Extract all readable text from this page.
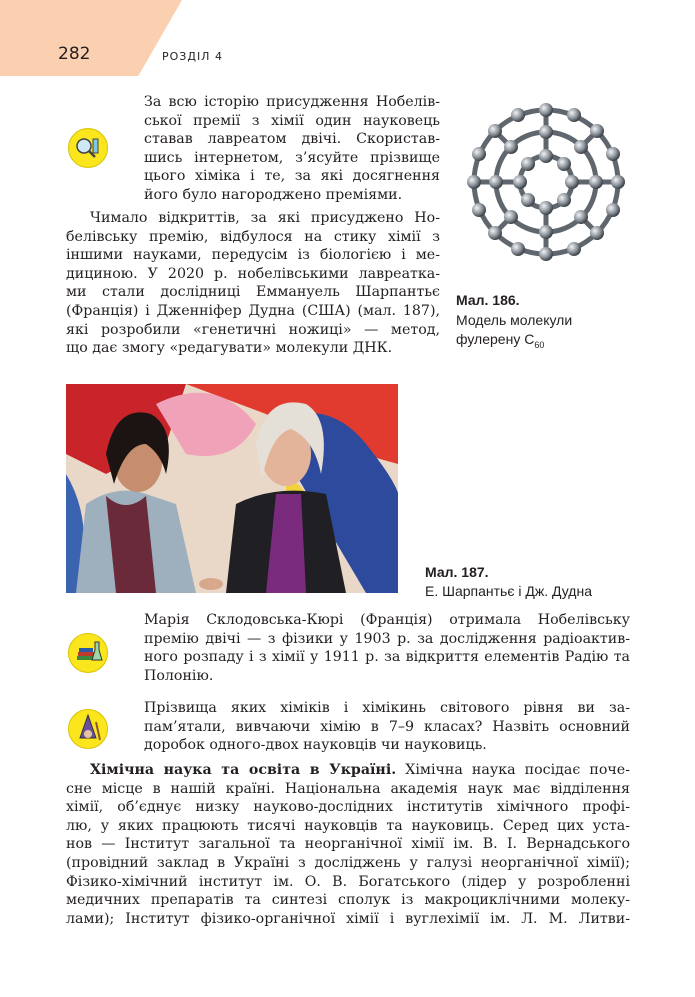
282	РОЗДІЛ 4
За всю історію присудження Нобелів-
ської премії з хімії один науковець
ставав лавреатом двічі. Скористав-
шись інтернетом, з’ясуйте прізвище
цього хіміка і те, за які досягнення
його було нагороджено преміями.
Чимало відкриттів, за які присуджено Но-
белівську премію, відбулося на стику хімії з
іншими науками, передусім із біологією і ме-
дициною. У 2020 р. нобелівськими лавреатка-
ми стали дослідниці Еммануель Шарпантьє
(Франція) і Дженніфер Дудна (США) (мал. 187),
які розробили «генетичні ножиці» — метод,
що дає змогу «редагувати» молекули ДНК.
Мал. 186.
Модель молекули
фулерену $C_{60}$
Мал. 187.
Е. Шарпантьє і Дж. Дудна
Марія Склодовська-Кюрі (Франція) отримала Нобелівську
премію двічі — з фізики у 1903 р. за дослідження радіоактив-
ного розпаду і з хімії у 1911 р. за відкриття елементів Радію та
Полонію.
Прізвища яких хіміків і хімікинь світового рівня ви за-
пам’ятали, вивчаючи хімію в 7–9 класах? Назвіть основний
доробок одного-двох науковців чи науковиць.
Хімічна наука та освіта в Україні. Хімічна наука посідає поче-
сне місце в нашій країні. Національна академія наук має відділення
хімії, об’єднує низку науково-дослідних інститутів хімічного профі-
лю, у яких працюють тисячі науковців та науковиць. Серед цих уста-
нов — Інститут загальної та неорганічної хімії ім. В. І. Вернадського
(провідний заклад в Україні з досліджень у галузі неорганічної хімії);
Фізико-хімічний інститут ім. О. В. Богатського (лідер у розробленні
медичних препаратів та синтезі сполук із макроциклічними молеку-
лами); Інститут фізико-органічної хімії і вуглехімії ім. Л. М. Литви-
